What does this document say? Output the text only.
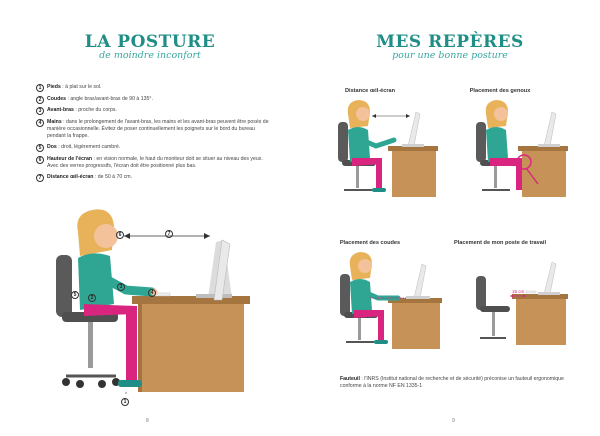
LA POSTURE
de moindre inconfort
1	Pieds : à plat sur le sol.
2	Coudes : angle bras/avant-bras de 90 à 135°.
3	Avant-bras : proche du corps.
4	Mains : dans le prolongement de l'avant-bras, les mains et les avant-bras peuvent être posés de manière occasionnelle. Évitez de poser continuellement les poignets sur le bord du bureau pendant la frappe.
5	Dos : droit, légèrement cambré.
6	Hauteur de l'écran : en vision normale, le haut du moniteur doit se situer au niveau des yeux. Avec des verres progressifs, l'écran doit être positionné plus bas.
7	Distance œil-écran : de 50 à 70 cm.
1
2
3
4
5
6	7
8
MES REPÈRES
pour une bonne posture
Distance œil-écran	Placement des genoux
Placement des coudes	Placement de mon poste de travail
15 cm
Fauteuil : l'INRS (Institut national de recherche et de sécurité) préconise un fauteuil ergonomique conforme à la norme NF EN 1335-1
9
